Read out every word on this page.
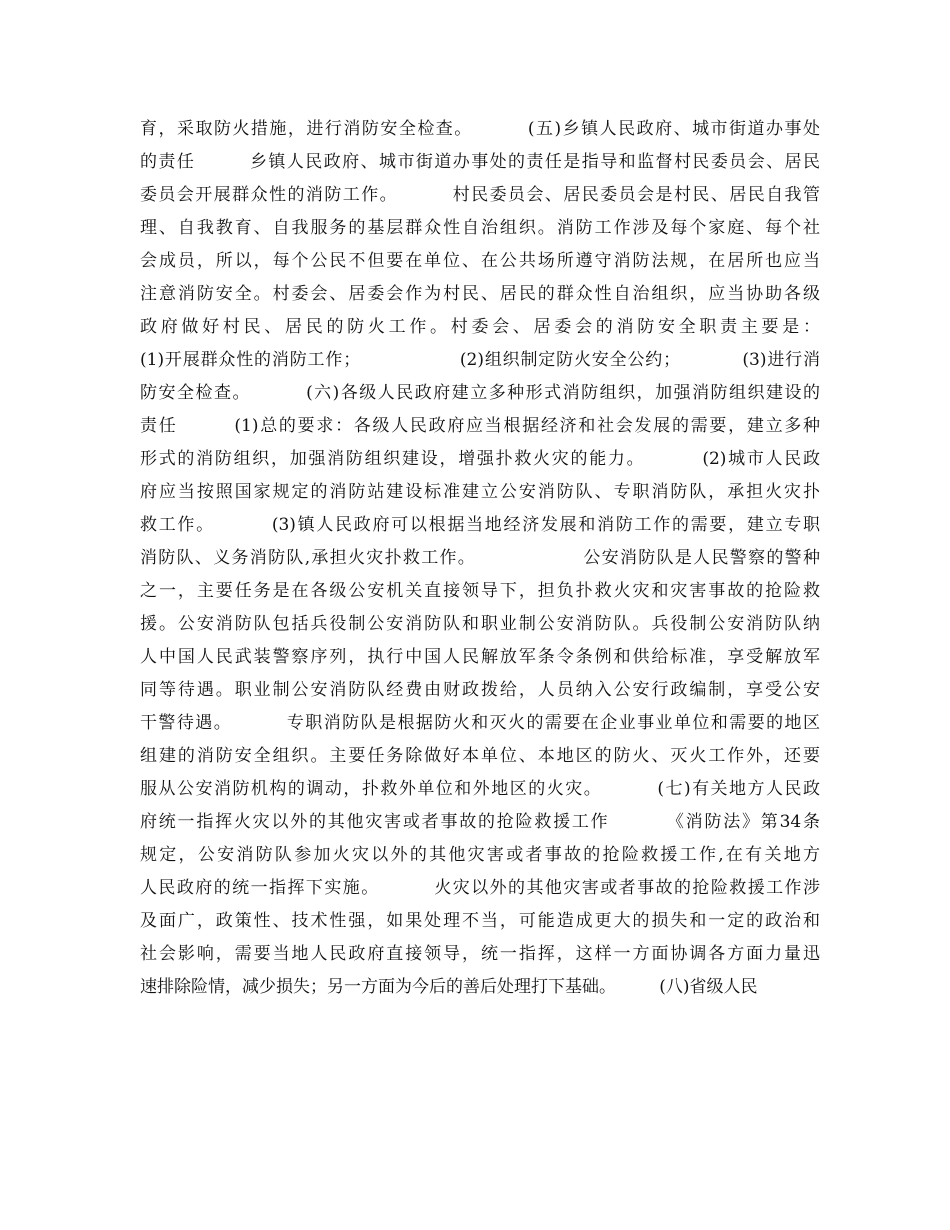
育，采取防火措施，进行消防安全检查。        (五)乡镇人民政府、城市街道办事处
的责任        乡镇人民政府、城市街道办事处的责任是指导和监督村民委员会、居民
委员会开展群众性的消防工作。        村民委员会、居民委员会是村民、居民自我管
理、自我教育、自我服务的基层群众性自治组织。消防工作涉及每个家庭、每个社
会成员，所以，每个公民不但要在单位、在公共场所遵守消防法规，在居所也应当
注意消防安全。村委会、居委会作为村民、居民的群众性自治组织，应当协助各级
政府做好村民、居民的防火工作。村委会、居委会的消防安全职责主要是：
(1)开展群众性的消防工作；                (2)组织制定防火安全公约；          (3)进行消
防安全检查。        (六)各级人民政府建立多种形式消防组织，加强消防组织建设的
责任        (1)总的要求：各级人民政府应当根据经济和社会发展的需要，建立多种
形式的消防组织，加强消防组织建设，增强扑救火灾的能力。        (2)城市人民政
府应当按照国家规定的消防站建设标准建立公安消防队、专职消防队，承担火灾扑
救工作。        (3)镇人民政府可以根据当地经济发展和消防工作的需要，建立专职
消防队、义务消防队,承担火灾扑救工作。                公安消防队是人民警察的警种
之一，主要任务是在各级公安机关直接领导下，担负扑救火灾和灾害事故的抢险救
援。公安消防队包括兵役制公安消防队和职业制公安消防队。兵役制公安消防队纳
人中国人民武装警察序列，执行中国人民解放军条令条例和供给标准，享受解放军
同等待遇。职业制公安消防队经费由财政拨给，人员纳入公安行政编制，享受公安
干警待遇。        专职消防队是根据防火和灭火的需要在企业事业单位和需要的地区
组建的消防安全组织。主要任务除做好本单位、本地区的防火、灭火工作外，还要
服从公安消防机构的调动，扑救外单位和外地区的火灾。        (七)有关地方人民政
府统一指挥火灾以外的其他灾害或者事故的抢险救援工作        《消防法》第34条
规定，公安消防队参加火灾以外的其他灾害或者事故的抢险救援工作,在有关地方
人民政府的统一指挥下实施。        火灾以外的其他灾害或者事故的抢险救援工作涉
及面广，政策性、技术性强，如果处理不当，可能造成更大的损失和一定的政治和
社会影响，需要当地人民政府直接领导，统一指挥，这样一方面协调各方面力量迅
速排除险情，减少损失；另一方面为今后的善后处理打下基础。        (八)省级人民
